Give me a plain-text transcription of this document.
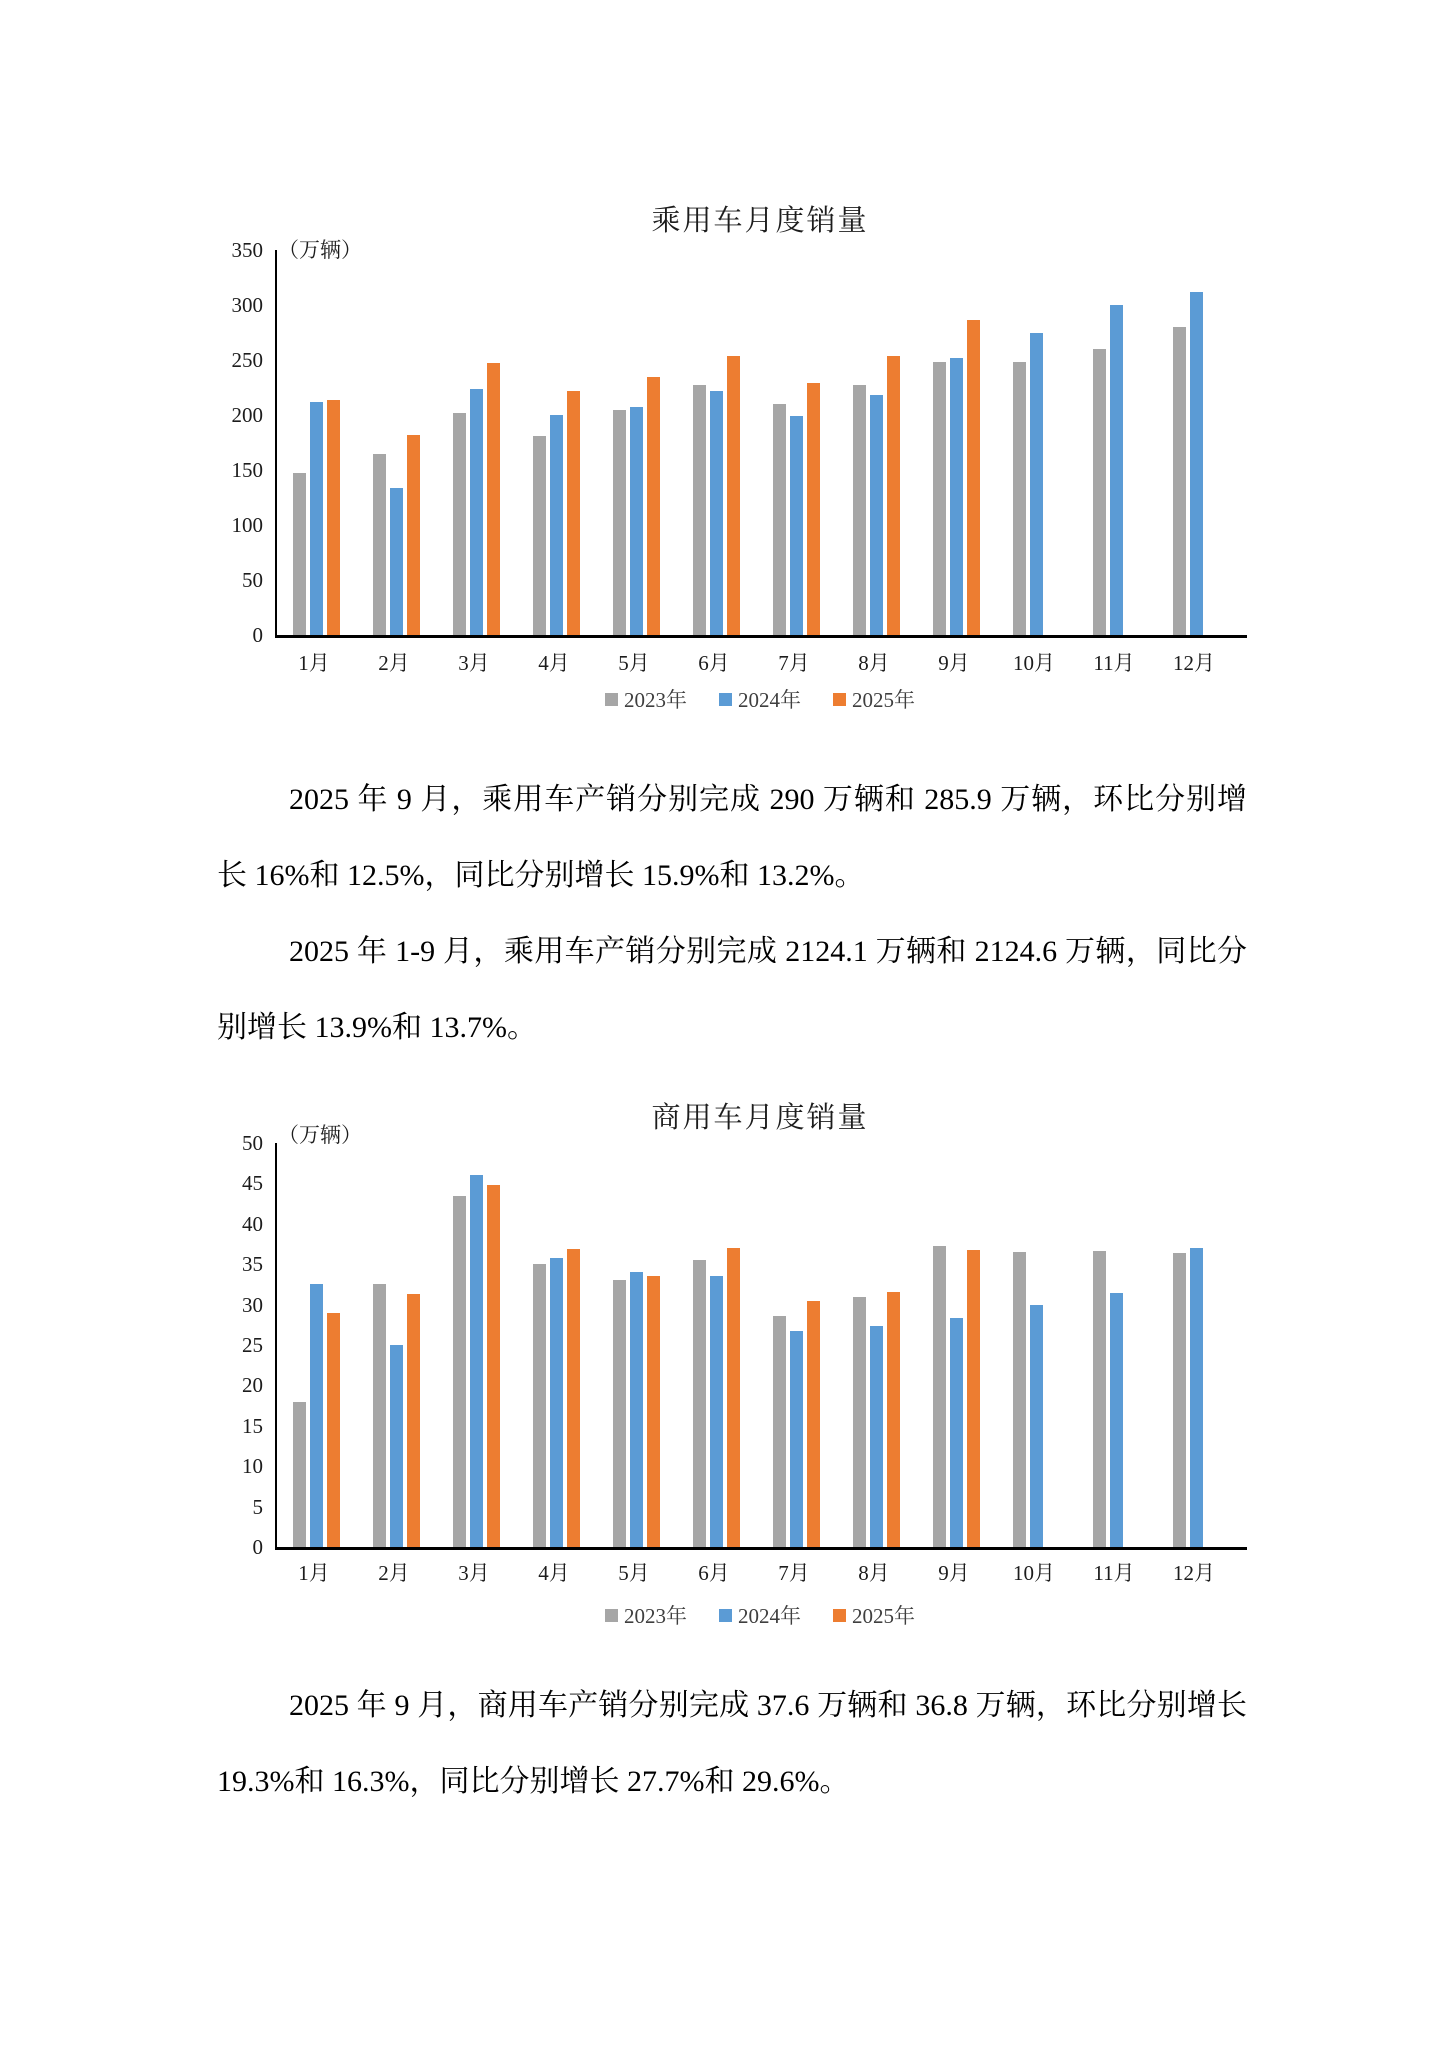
乘用车月度销量
（万辆）
350
300
250
200
150
100
50
0
1月	2月	3月	4月	5月	6月	7月	8月	9月	10月	11月	12月
2023年 2024年 2025年

2025 年 9 月，乘用车产销分别完成 290 万辆和 285.9 万辆，环比分别增长 16%和 12.5%，同比分别增长 15.9%和 13.2%。

2025 年 1-9 月，乘用车产销分别完成 2124.1 万辆和 2124.6 万辆，同比分别增长 13.9%和 13.7%。

商用车月度销量
（万辆）
50
45
40
35
30
25
20
15
10
5
0
1月	2月	3月	4月	5月	6月	7月	8月	9月	10月	11月	12月
2023年 2024年 2025年

2025 年 9 月，商用车产销分别完成 37.6 万辆和 36.8 万辆，环比分别增长 19.3%和 16.3%，同比分别增长 27.7%和 29.6%。
